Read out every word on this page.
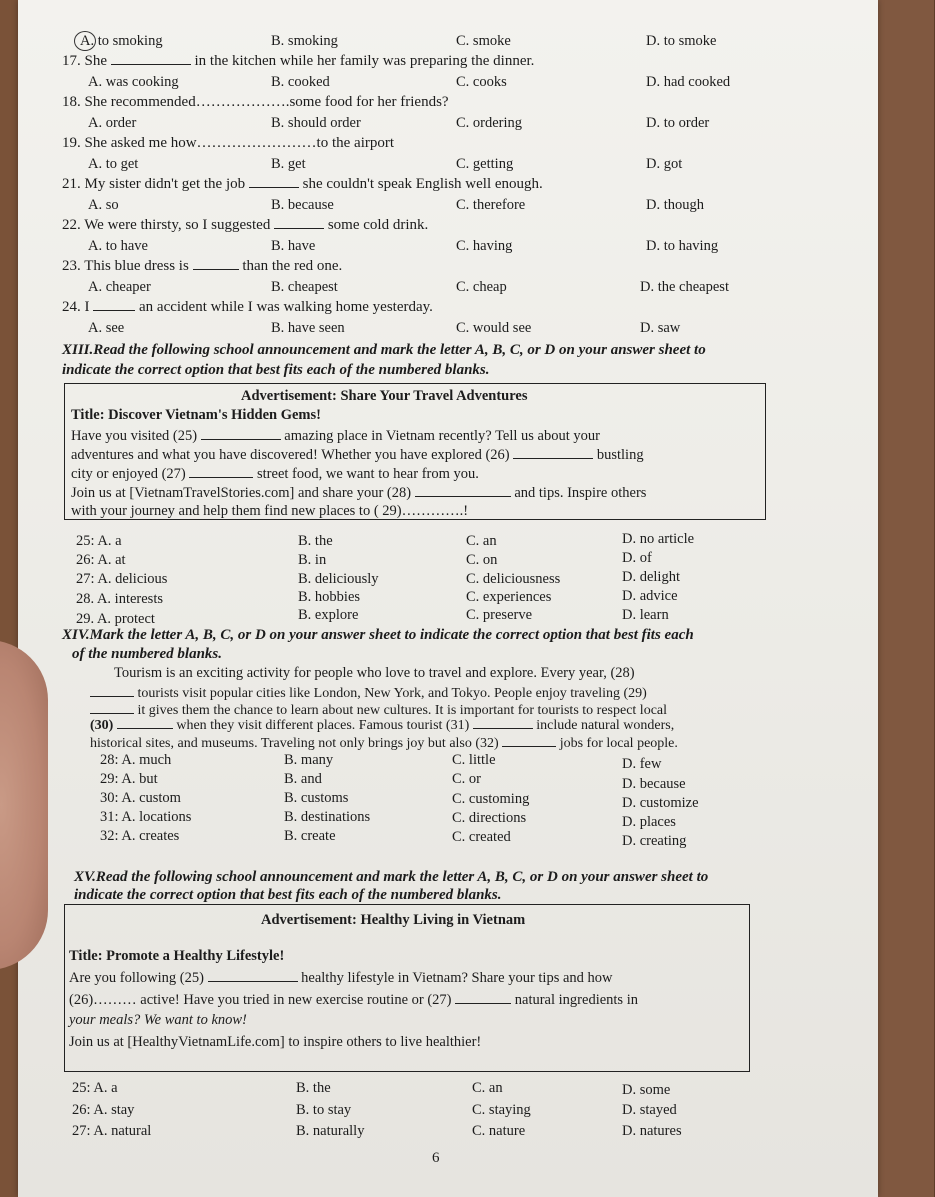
A. to smoking	B. smoking	C. smoke	D. to smoke
17. She	in the kitchen while her family was preparing the dinner.
A. was cooking	B. cooked	C. cooks	D. had cooked
18. She recommended……………….some food for her friends?
A. order	B. should order	C. ordering	D. to order
19. She asked me how……………………to the airport
A. to get	B. get	C. getting	D. got
21. My sister didn't get the job	she couldn't speak English well enough.
A. so	B. because	C. therefore	D. though
22. We were thirsty, so I suggested	some cold drink.
A. to have	B. have	C. having	D. to having
23. This blue dress is	than the red one.
A. cheaper	B. cheapest	C. cheap	D. the cheapest
24. I	an accident while I was walking home yesterday.
A. see	B. have seen	C. would see	D. saw
XIII.Read the following school announcement and mark the letter A, B, C, or D on your answer sheet to
indicate the correct option that best fits each of the numbered blanks.
Advertisement: Share Your Travel Adventures
Title: Discover Vietnam's Hidden Gems!
Have you visited (25)	amazing place in Vietnam recently? Tell us about your
adventures and what you have discovered! Whether you have explored (26)	bustling
city or enjoyed (27)	street food, we want to hear from you.
Join us at [VietnamTravelStories.com] and share your (28)	and tips. Inspire others
with your journey and help them find new places to ( 29)………….!
25: A. a	B. the	C. an	D. no article
26: A. at	B. in	C. on	D. of
27: A. delicious	B. deliciously	C. deliciousness	D. delight
28. A. interests	B. hobbies	C. experiences	D. advice
29. A. protect	B. explore	C. preserve	D. learn
XIV.Mark the letter A, B, C, or D on your answer sheet to indicate the correct option that best fits each
of the numbered blanks.
Tourism is an exciting activity for people who love to travel and explore. Every year, (28)
tourists visit popular cities like London, New York, and Tokyo. People enjoy traveling (29)
it gives them the chance to learn about new cultures. It is important for tourists to respect local
(30)	when they visit different places. Famous tourist (31)	include natural wonders,
historical sites, and museums. Traveling not only brings joy but also (32)	jobs for local people.
28: A. much	B. many	C. little	D. few
29: A. but	B. and	C. or	D. because
30: A. custom	B. customs	C. customing	D. customize
31: A. locations	B. destinations	C. directions	D. places
32: A. creates	B. create	C. created	D. creating
XV.Read the following school announcement and mark the letter A, B, C, or D on your answer sheet to
indicate the correct option that best fits each of the numbered blanks.
Advertisement: Healthy Living in Vietnam
Title: Promote a Healthy Lifestyle!
Are you following (25)	healthy lifestyle in Vietnam? Share your tips and how
(26)……… active! Have you tried in new exercise routine or (27)	natural ingredients in
your meals? We want to know!
Join us at [HealthyVietnamLife.com] to inspire others to live healthier!
25: A. a	B. the	C. an	D. some
26: A. stay	B. to stay	C. staying	D. stayed
27: A. natural	B. naturally	C. nature	D. natures
6
